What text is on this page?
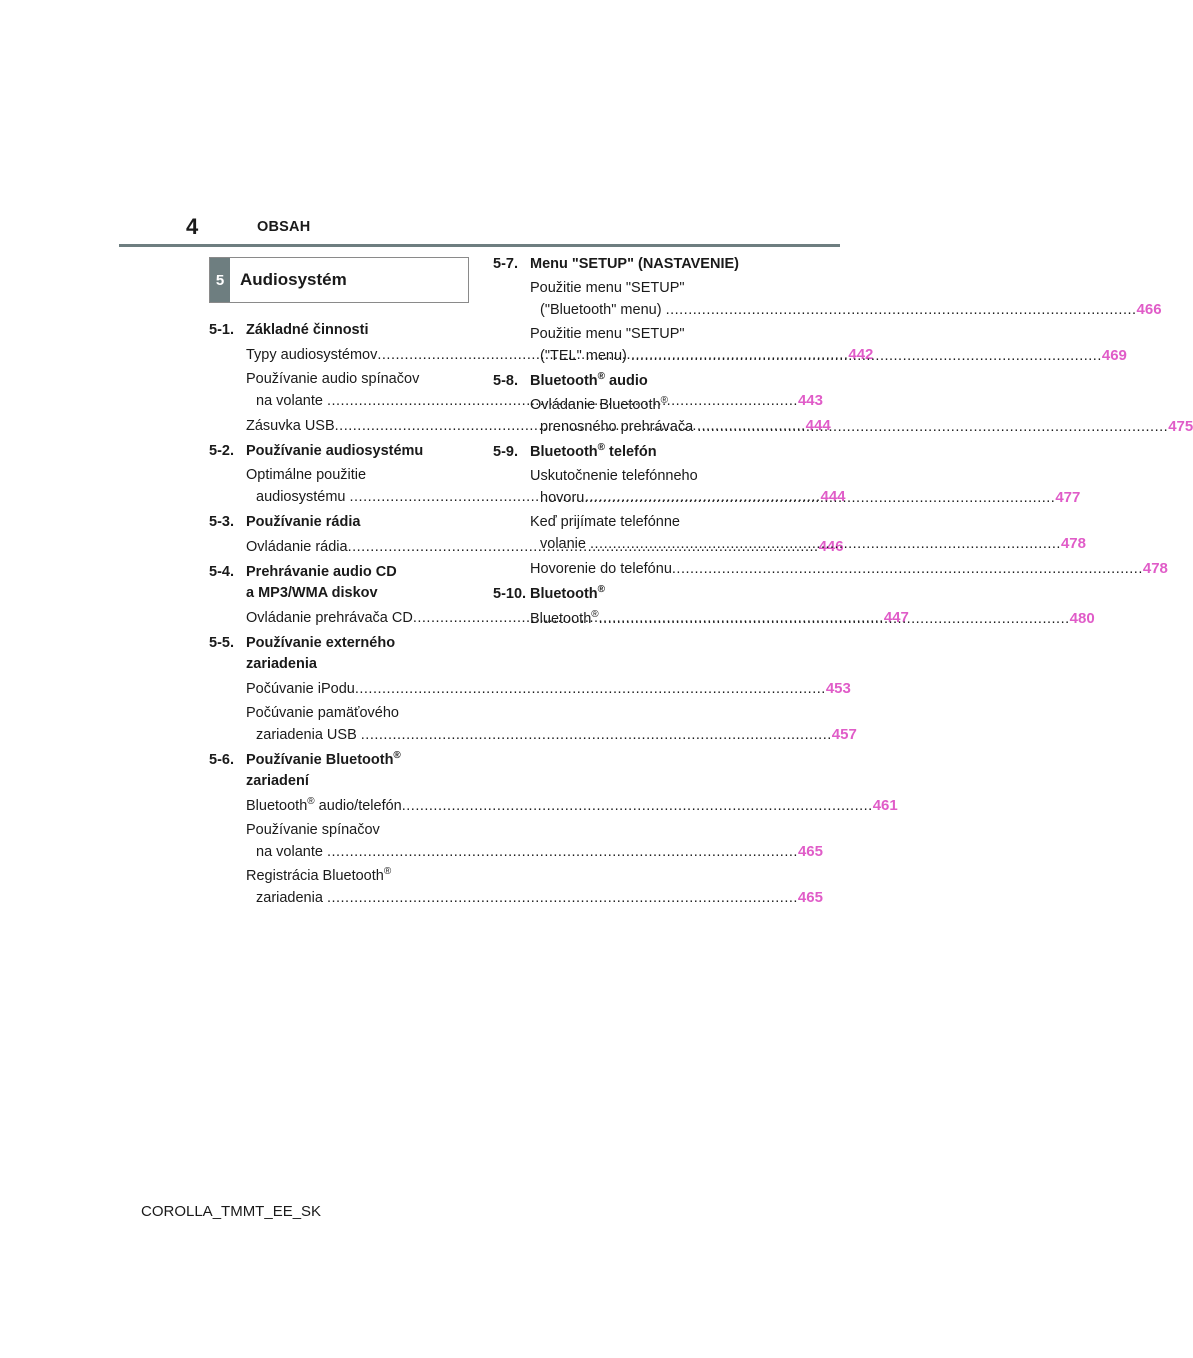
4	OBSAH
5 Audiosystém
5-1. Základné činnosti
Typy audiosystémov .....	442
Používanie audio spínačov
na volante .....	443
Zásuvka USB .....	444
5-2. Používanie audiosystému
Optimálne použitie
audiosystému .....	444
5-3. Používanie rádia
Ovládanie rádia .....	446
5-4. Prehrávanie audio CD
a MP3/WMA diskov
Ovládanie prehrávača CD .....	447
5-5. Používanie externého
zariadenia
Počúvanie iPodu .....	453
Počúvanie pamäťového
zariadenia USB .....	457
5-6. Používanie Bluetooth®
zariadení
Bluetooth® audio/telefón .....	461
Používanie spínačov
na volante .....	465
Registrácia Bluetooth®
zariadenia .....	465
5-7. Menu "SETUP" (NASTAVENIE)
Použitie menu "SETUP"
("Bluetooth" menu) .....	466
Použitie menu "SETUP"
("TEL" menu) .....	469
5-8. Bluetooth® audio
Ovládanie Bluetooth®
prenosného prehrávača .....	475
5-9. Bluetooth® telefón
Uskutočnenie telefónneho
hovoru .....	477
Keď prijímate telefónne
volanie .....	478
Hovorenie do telefónu .....	478
5-10. Bluetooth®
Bluetooth® .....	480
COROLLA_TMMT_EE_SK
